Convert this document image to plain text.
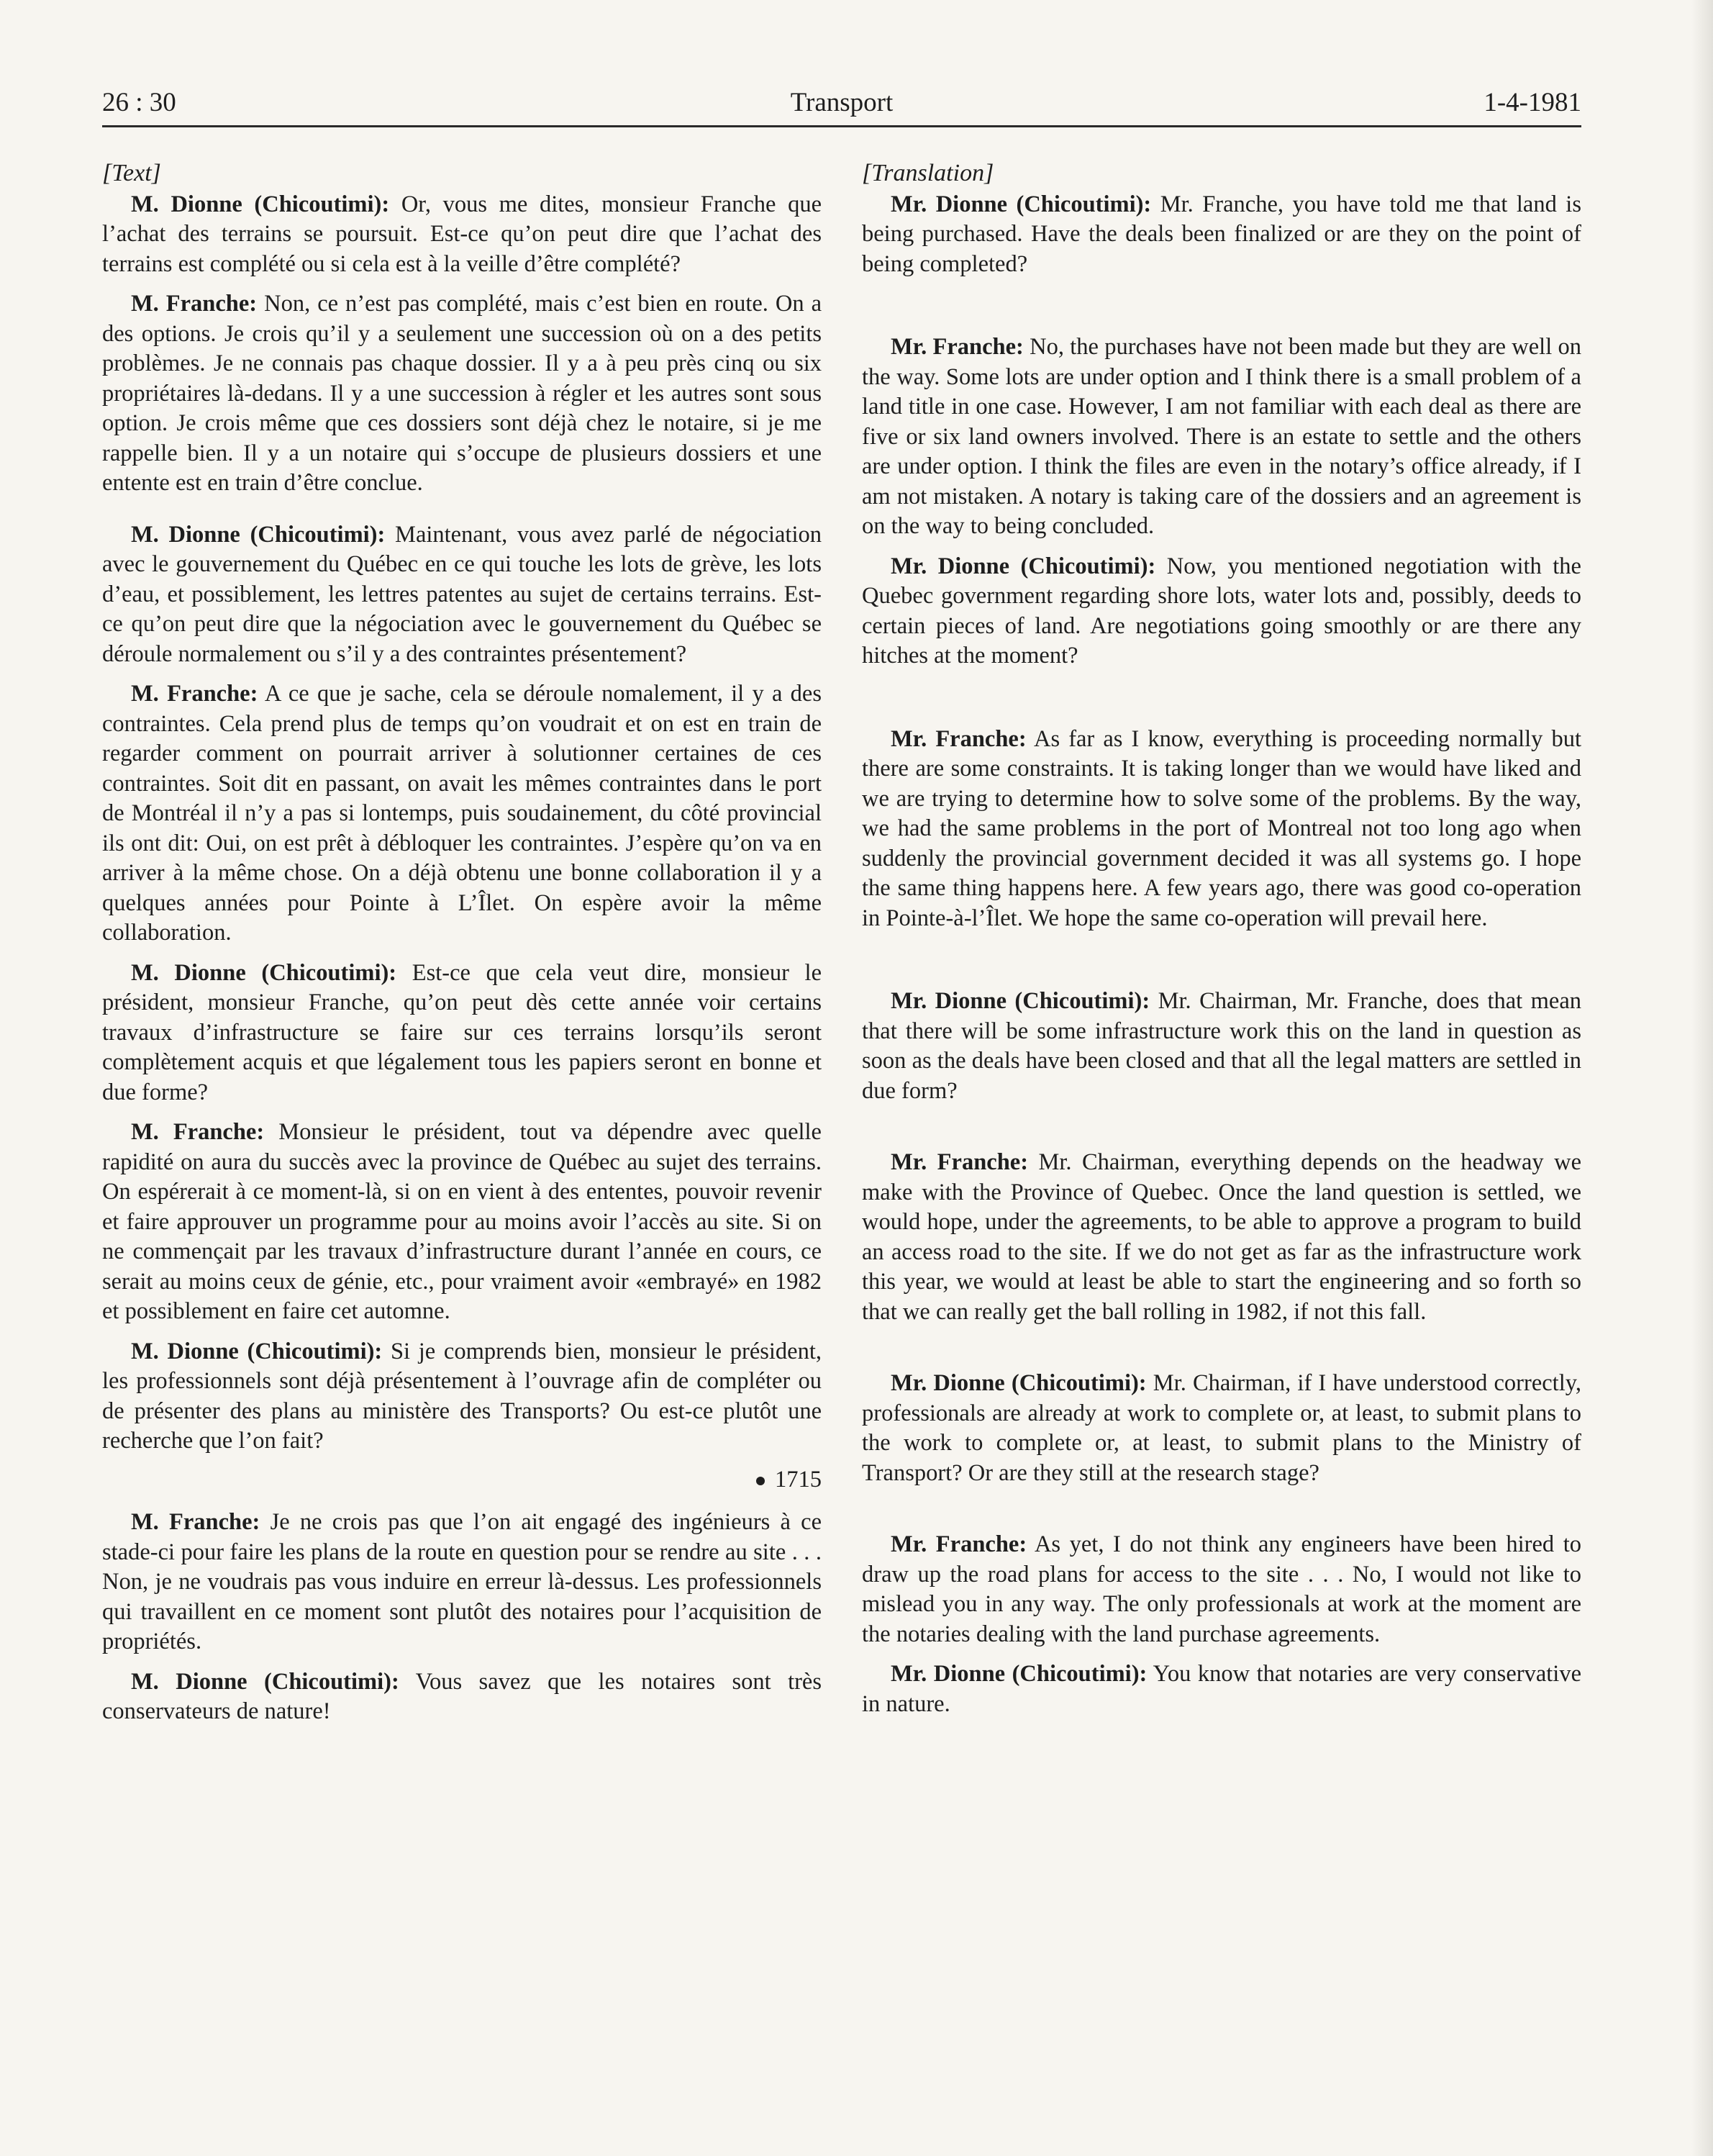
26 : 30	Transport	1-4-1981
[Text]

M. Dionne (Chicoutimi): Or, vous me dites, monsieur Franche que l’achat des terrains se poursuit. Est-ce qu’on peut dire que l’achat des terrains est complété ou si cela est à la veille d’être complété?

M. Franche: Non, ce n’est pas complété, mais c’est bien en route. On a des options. Je crois qu’il y a seulement une succession où on a des petits problèmes. Je ne connais pas chaque dossier. Il y a à peu près cinq ou six propriétaires là-dedans. Il y a une succession à régler et les autres sont sous option. Je crois même que ces dossiers sont déjà chez le notaire, si je me rappelle bien. Il y a un notaire qui s’occupe de plusieurs dossiers et une entente est en train d’être conclue.

M. Dionne (Chicoutimi): Maintenant, vous avez parlé de négociation avec le gouvernement du Québec en ce qui touche les lots de grève, les lots d’eau, et possiblement, les lettres patentes au sujet de certains terrains. Est-ce qu’on peut dire que la négociation avec le gouvernement du Québec se déroule normalement ou s’il y a des contraintes présentement?

M. Franche: A ce que je sache, cela se déroule nomalement, il y a des contraintes. Cela prend plus de temps qu’on voudrait et on est en train de regarder comment on pourrait arriver à solutionner certaines de ces contraintes. Soit dit en passant, on avait les mêmes contraintes dans le port de Montréal il n’y a pas si lontemps, puis soudainement, du côté provincial ils ont dit: Oui, on est prêt à débloquer les contraintes. J’espère qu’on va en arriver à la même chose. On a déjà obtenu une bonne collaboration il y a quelques années pour Pointe à L’Îlet. On espère avoir la même collaboration.

M. Dionne (Chicoutimi): Est-ce que cela veut dire, monsieur le président, monsieur Franche, qu’on peut dès cette année voir certains travaux d’infrastructure se faire sur ces terrains lorsqu’ils seront complètement acquis et que légalement tous les papiers seront en bonne et due forme?

M. Franche: Monsieur le président, tout va dépendre avec quelle rapidité on aura du succès avec la province de Québec au sujet des terrains. On espérerait à ce moment-là, si on en vient à des ententes, pouvoir revenir et faire approuver un programme pour au moins avoir l’accès au site. Si on ne commençait par les travaux d’infrastructure durant l’année en cours, ce serait au moins ceux de génie, etc., pour vraiment avoir «embrayé» en 1982 et possiblement en faire cet automne.

M. Dionne (Chicoutimi): Si je comprends bien, monsieur le président, les professionnels sont déjà présentement à l’ouvrage afin de compléter ou de présenter des plans au ministère des Transports? Ou est-ce plutôt une recherche que l’on fait?

1715

M. Franche: Je ne crois pas que l’on ait engagé des ingénieurs à ce stade-ci pour faire les plans de la route en question pour se rendre au site . . . Non, je ne voudrais pas vous induire en erreur là-dessus. Les professionnels qui travaillent en ce moment sont plutôt des notaires pour l’acquisition de propriétés.

M. Dionne (Chicoutimi): Vous savez que les notaires sont très conservateurs de nature!

[Translation]

Mr. Dionne (Chicoutimi): Mr. Franche, you have told me that land is being purchased. Have the deals been finalized or are they on the point of being completed?

Mr. Franche: No, the purchases have not been made but they are well on the way. Some lots are under option and I think there is a small problem of a land title in one case. However, I am not familiar with each deal as there are five or six land owners involved. There is an estate to settle and the others are under option. I think the files are even in the notary’s office already, if I am not mistaken. A notary is taking care of the dossiers and an agreement is on the way to being concluded.

Mr. Dionne (Chicoutimi): Now, you mentioned negotiation with the Quebec government regarding shore lots, water lots and, possibly, deeds to certain pieces of land. Are negotiations going smoothly or are there any hitches at the moment?

Mr. Franche: As far as I know, everything is proceeding normally but there are some constraints. It is taking longer than we would have liked and we are trying to determine how to solve some of the problems. By the way, we had the same problems in the port of Montreal not too long ago when suddenly the provincial government decided it was all systems go. I hope the same thing happens here. A few years ago, there was good co-operation in Pointe-à-l’Îlet. We hope the same co-operation will prevail here.

Mr. Dionne (Chicoutimi): Mr. Chairman, Mr. Franche, does that mean that there will be some infrastructure work this on the land in question as soon as the deals have been closed and that all the legal matters are settled in due form?

Mr. Franche: Mr. Chairman, everything depends on the headway we make with the Province of Quebec. Once the land question is settled, we would hope, under the agreements, to be able to approve a program to build an access road to the site. If we do not get as far as the infrastructure work this year, we would at least be able to start the engineering and so forth so that we can really get the ball rolling in 1982, if not this fall.

Mr. Dionne (Chicoutimi): Mr. Chairman, if I have understood correctly, professionals are already at work to complete or, at least, to submit plans to the work to complete or, at least, to submit plans to the Ministry of Transport? Or are they still at the research stage?

Mr. Franche: As yet, I do not think any engineers have been hired to draw up the road plans for access to the site . . . No, I would not like to mislead you in any way. The only professionals at work at the moment are the notaries dealing with the land purchase agreements.

Mr. Dionne (Chicoutimi): You know that notaries are very conservative in nature.
